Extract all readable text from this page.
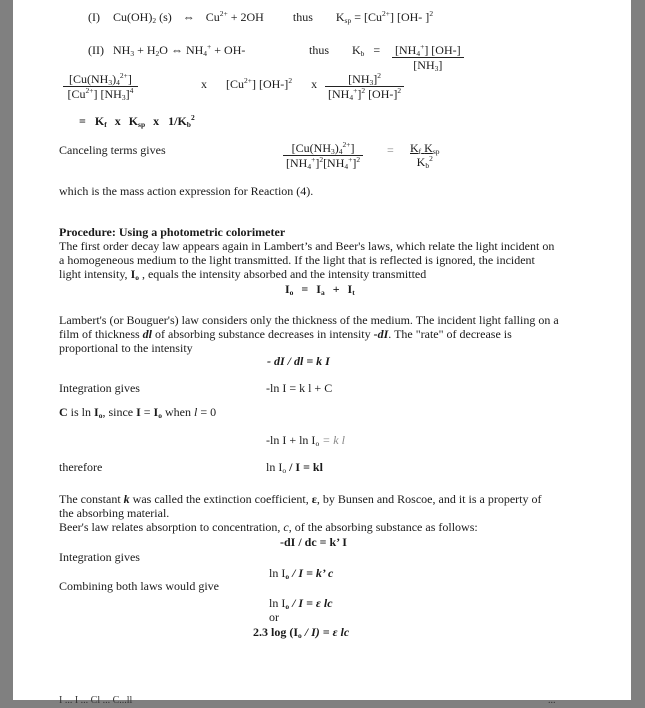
(I) $Cu(OH)_2$ (s) ⇔ $Cu^{2+} + 2OH$ thus $K_{sp} = [Cu^{2+}]$ [OH- ]$^2$
(II) $NH_3 + H_2O$ ⇔ $NH_4^+ + OH-$	thus $K_b = \frac{[NH_4^+] [OH-]}{[NH_3]}$
$\frac{[Cu(NH_3)_4^{2+}]}{[Cu^{2+}] [NH_3]^4}$	x $[Cu^{2+}]$ $[OH-]^2$ x $\frac{[NH_3]^2}{[NH_4^+]^2 [OH-]^2}$
= $K_f$ x $K_{sp}$ x $1/K_b^2$
Canceling terms gives	$\frac{[Cu(NH_3)_4^{2+}]}{[NH_4^+]^2[NH_4^+]^2} = \frac{K_f K_{sp}}{K_b^2}$
which is the mass action expression for Reaction (4).
Procedure: Using a photometric colorimeter
The first order decay law appears again in Lambert’s and Beer's laws, which relate the light incident on a homogeneous medium to the light transmitted. If the light that is reflected is ignored, the incident light intensity, $I_o$ , equals the intensity absorbed and the intensity transmitted
$I_o = I_a + I_t$
Lambert's (or Bouguer's) law considers only the thickness of the medium. The incident light falling on a film of thickness dl of absorbing substance decreases in intensity -dI. The "rate" of decrease is proportional to the intensity
- dI / dl = k I
Integration gives	-ln I = k l + C
C is $\ln I_o$, since $I = I_o$ when l = 0
-ln $I + \ln I_o = k$ l
therefore	$\ln I_o$ / I = kl
The constant k was called the extinction coefficient, ε, by Bunsen and Roscoe, and it is a property of the absorbing material.
Beer's law relates absorption to concentration, c, of the absorbing substance as follows:
-dI / dc = k’ I
Integration gives
$\ln I_o / I = k$’ c
Combining both laws would give
$\ln I_o / I = \varepsilon$ lc
or
2.3 $\log (I_o / I) = \varepsilon$ lc
I ... I ... Cl ... C...ll	...
